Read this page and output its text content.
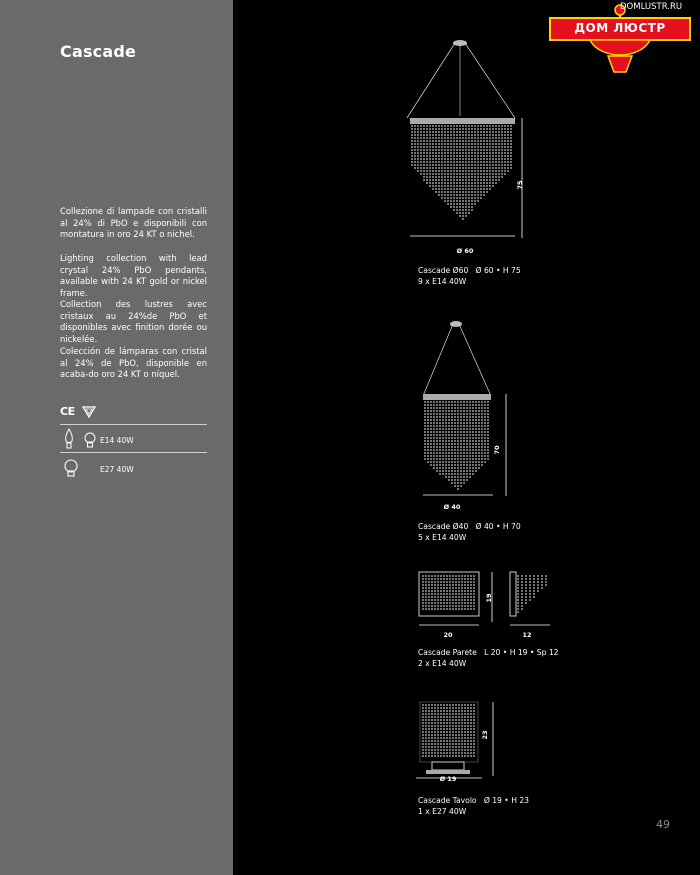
Cascade

Collezione di lampade con cristalli al 24% di PbO e disponibili con montatura in oro 24 KT o nichel.

Lighting collection with lead crystal 24% PbO pendants, available with 24 KT gold or nickel frame.

Collection des lustres avec cristaux au 24%de PbO et disponibles avec finition dorée ou nickelée.

Colección de lámparas con cristal al 24% de PbO, disponible en acaba-do oro 24 KT o níquel.

CE
E14 40W
E27 40W
DOMLUSTR.RU
ДОМ ЛЮСТР
75
Ø 60
Cascade Ø60 Ø 60 • H 75
9 x E14 40W
70
Ø 40
Cascade Ø40 Ø 40 • H 70
5 x E14 40W
19
20	12
Cascade Parete L 20 • H 19 • Sp 12
2 x E14 40W
23
Ø 19
Cascade Tavolo Ø 19 • H 23
1 x E27 40W
49
